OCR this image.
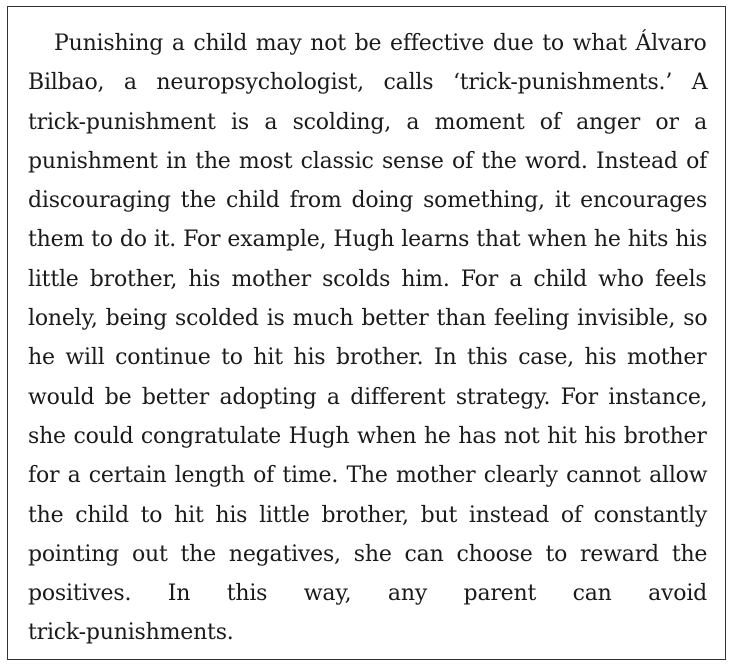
Punishing a child may not be effective due to what Álvaro
Bilbao, a neuropsychologist, calls ‘trick-punishments.’ A
trick-punishment is a scolding, a moment of anger or a
punishment in the most classic sense of the word. Instead of
discouraging the child from doing something, it encourages
them to do it. For example, Hugh learns that when he hits his
little brother, his mother scolds him. For a child who feels
lonely, being scolded is much better than feeling invisible, so
he will continue to hit his brother. In this case, his mother
would be better adopting a different strategy. For instance,
she could congratulate Hugh when he has not hit his brother
for a certain length of time. The mother clearly cannot allow
the child to hit his little brother, but instead of constantly
pointing out the negatives, she can choose to reward the
positives. In this way, any parent can avoid
trick-punishments.
